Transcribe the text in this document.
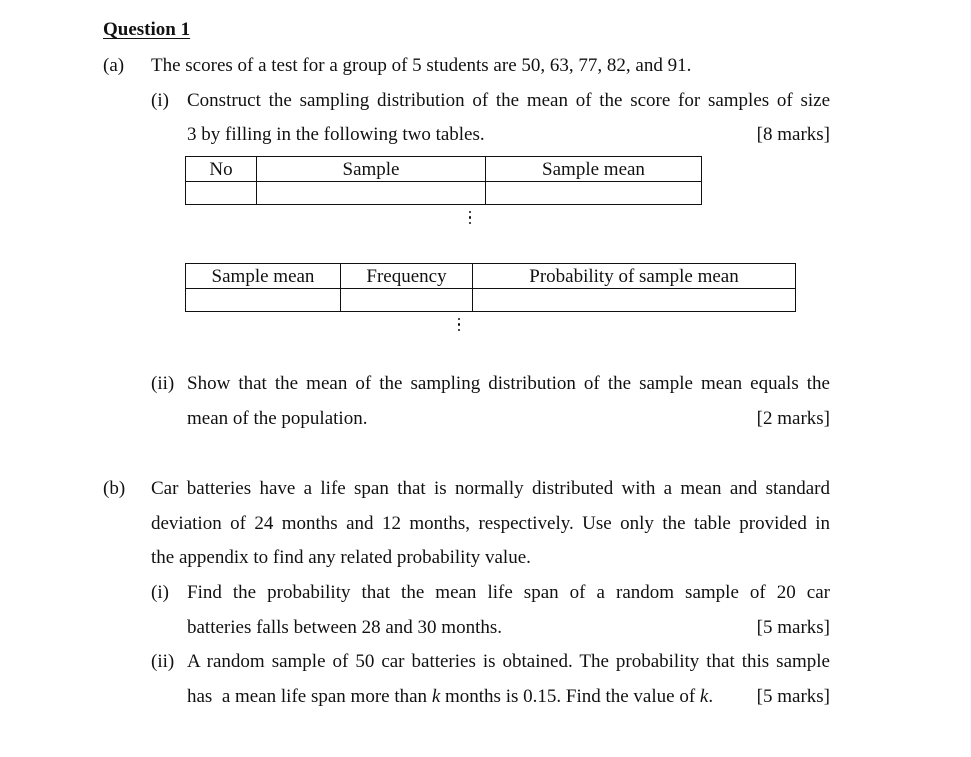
Question 1
(a) The scores of a test for a group of 5 students are 50, 63, 77, 82, and 91.
(i) Construct the sampling distribution of the mean of the score for samples of size
3 by filling in the following two tables.	[8 marks]
No	Sample	Sample mean

Sample mean	Frequency	Probability of sample mean

(ii) Show that the mean of the sampling distribution of the sample mean equals the
mean of the population.	[2 marks]
(b) Car batteries have a life span that is normally distributed with a mean and standard
deviation of 24 months and 12 months, respectively. Use only the table provided in
the appendix to find any related probability value.
(i) Find the probability that the mean life span of a random sample of 20 car
batteries falls between 28 and 30 months.	[5 marks]
(ii) A random sample of 50 car batteries is obtained. The probability that this sample
has  a mean life span more than k months is 0.15. Find the value of k.	[5 marks]
